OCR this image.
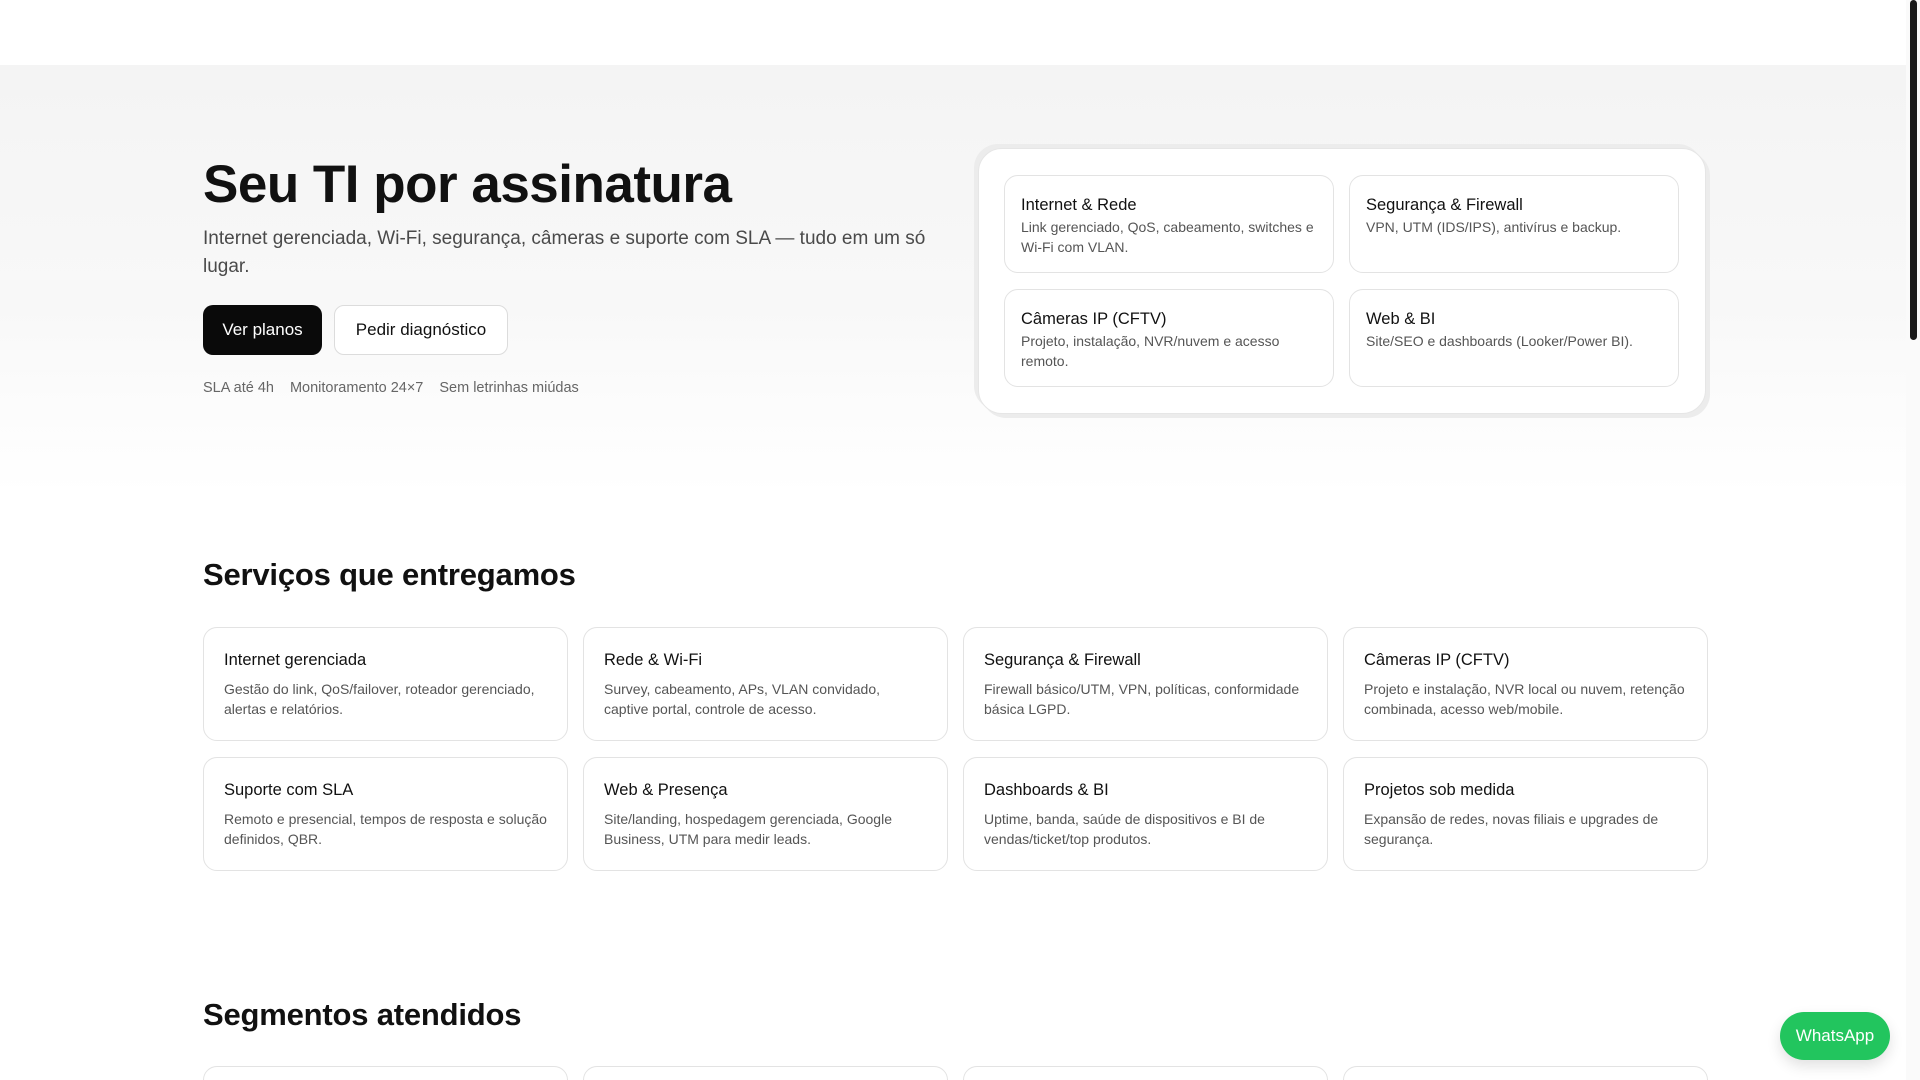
Seu TI por assinatura

Internet gerenciada, Wi-Fi, segurança, câmeras e suporte com SLA — tudo em um só lugar.

Ver planos	Pedir diagnóstico
SLA até 4h Monitoramento 24×7 Sem letrinhas miúdas
Internet & Rede
Link gerenciado, QoS, cabeamento, switches e Wi-Fi com VLAN.
Segurança & Firewall
VPN, UTM (IDS/IPS), antivírus e backup.
Câmeras IP (CFTV)
Projeto, instalação, NVR/nuvem e acesso remoto.
Web & BI
Site/SEO e dashboards (Looker/Power BI).
Serviços que entregamos
Internet gerenciada
Gestão do link, QoS/failover, roteador gerenciado, alertas e relatórios.
Rede & Wi-Fi
Survey, cabeamento, APs, VLAN convidado, captive portal, controle de acesso.
Segurança & Firewall
Firewall básico/UTM, VPN, políticas, conformidade básica LGPD.
Câmeras IP (CFTV)
Projeto e instalação, NVR local ou nuvem, retenção combinada, acesso web/mobile.
Suporte com SLA
Remoto e presencial, tempos de resposta e solução definidos, QBR.
Web & Presença
Site/landing, hospedagem gerenciada, Google Business, UTM para medir leads.
Dashboards & BI
Uptime, banda, saúde de dispositivos e BI de vendas/ticket/top produtos.
Projetos sob medida
Expansão de redes, novas filiais e upgrades de segurança.
Segmentos atendidos
WhatsApp
